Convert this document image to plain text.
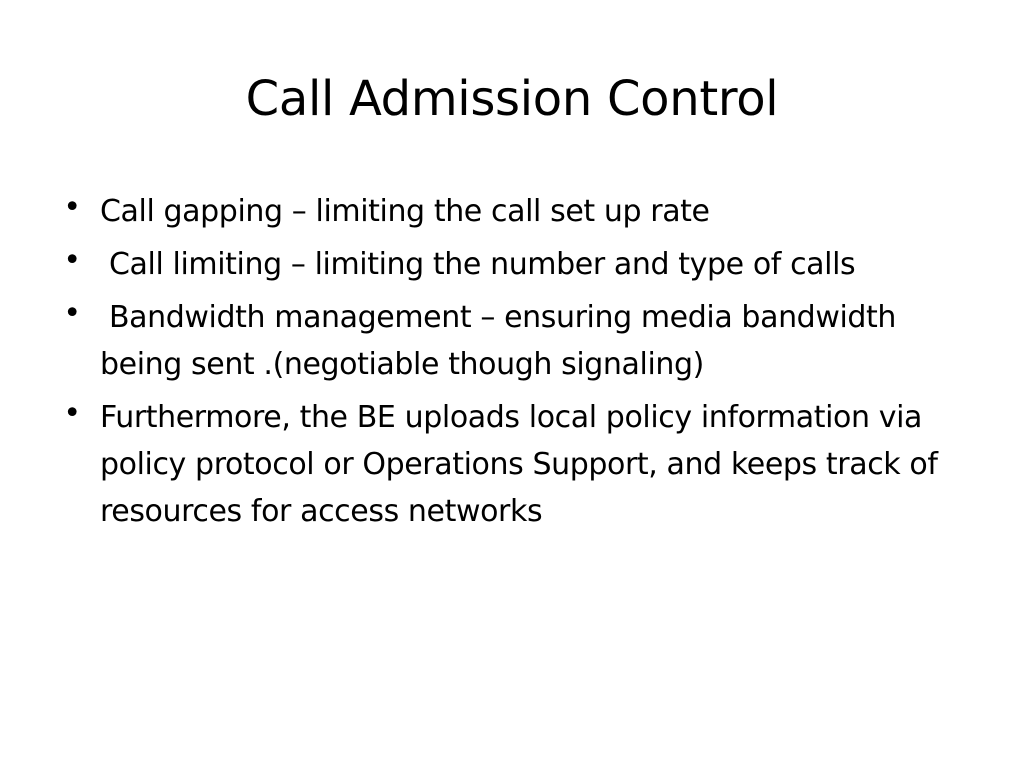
Call Admission Control
• Call gapping – limiting the call set up rate
• Call limiting – limiting the number and type of calls
• Bandwidth management – ensuring media bandwidth being sent .(negotiable though signaling)
• Furthermore, the BE uploads local policy information via policy protocol or Operations Support, and keeps track of resources for access networks
